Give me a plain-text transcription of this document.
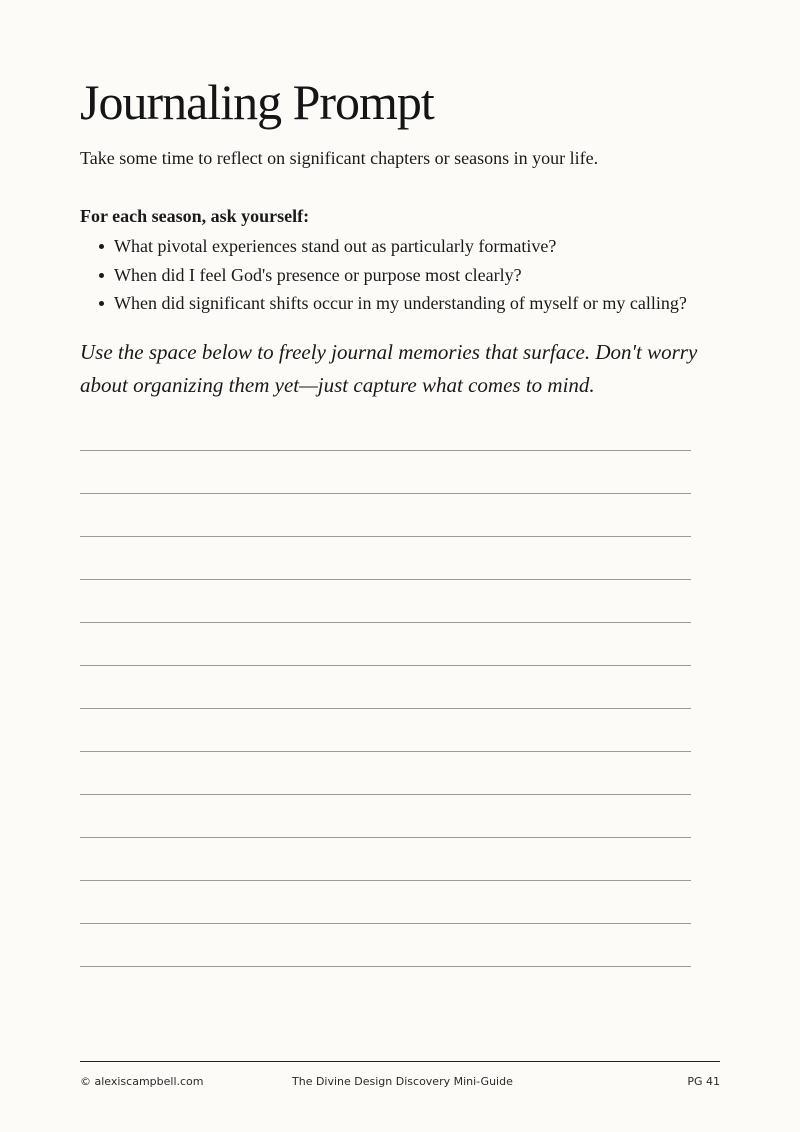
Journaling Prompt

Take some time to reflect on significant chapters or seasons in your life.

For each season, ask yourself:

What pivotal experiences stand out as particularly formative?
When did I feel God's presence or purpose most clearly?
When did significant shifts occur in my understanding of myself or my calling?

Use the space below to freely journal memories that surface. Don't worry about organizing them yet—just capture what comes to mind.

© alexiscampbell.com	The Divine Design Discovery Mini-Guide	PG 41
